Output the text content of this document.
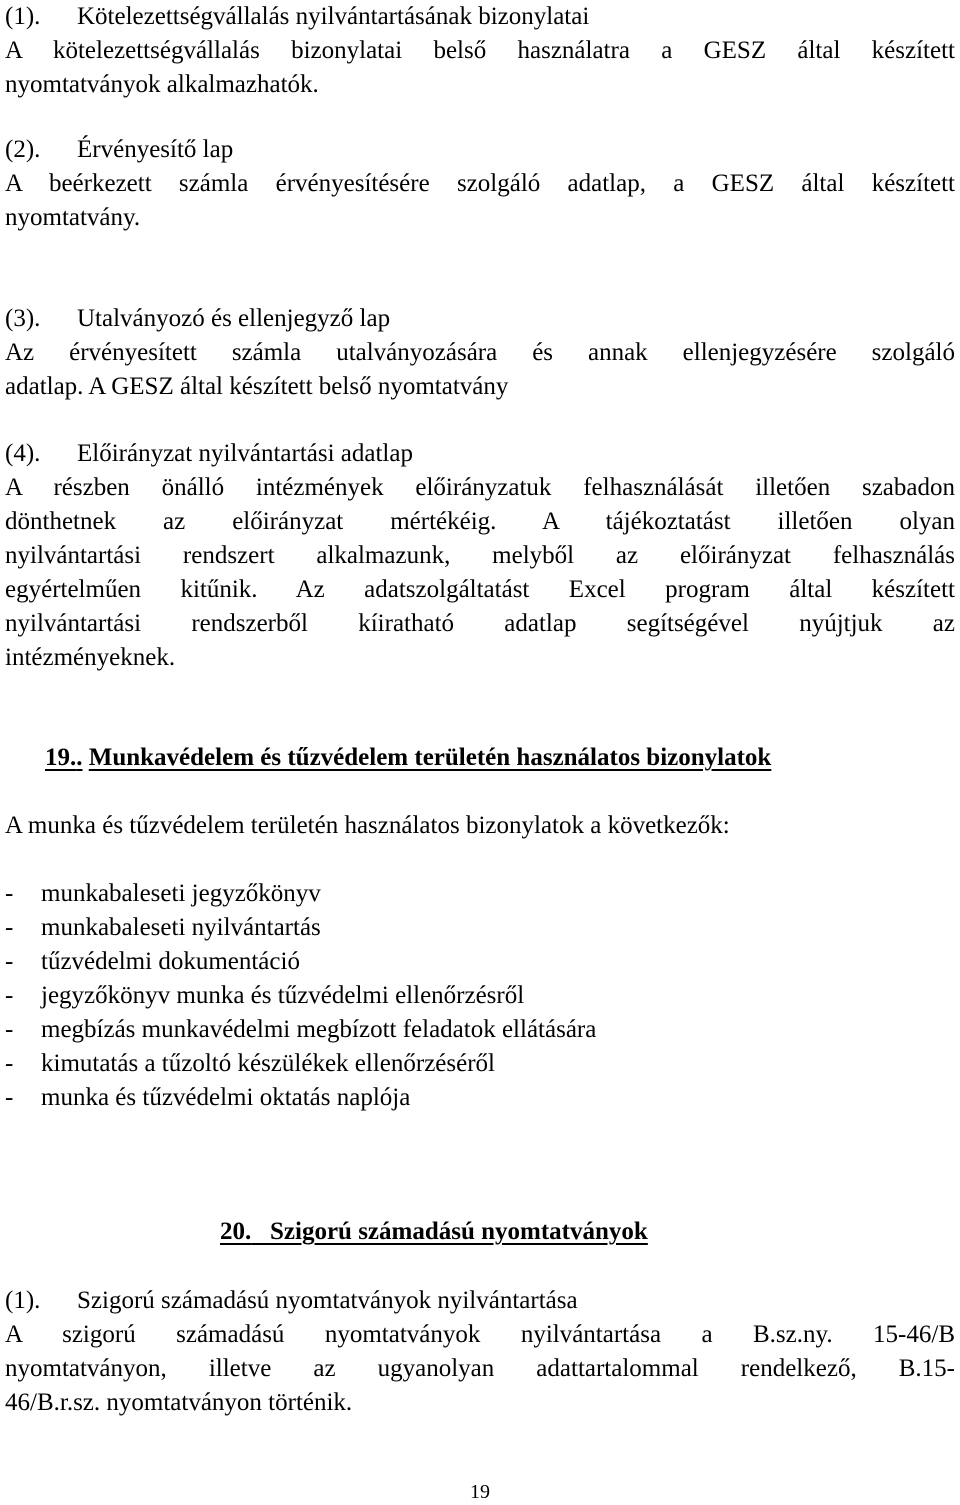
(1). Kötelezettségvállalás nyilvántartásának bizonylatai
A kötelezettségvállalás bizonylatai belső használatra a GESZ által készített
nyomtatványok alkalmazhatók.
(2). Érvényesítő lap
A beérkezett számla érvényesítésére szolgáló adatlap, a GESZ által készített
nyomtatvány.
(3). Utalványozó és ellenjegyző lap
Az érvényesített számla utalványozására és annak ellenjegyzésére szolgáló
adatlap. A GESZ által készített belső nyomtatvány
(4). Előirányzat nyilvántartási adatlap
A részben önálló intézmények előirányzatuk felhasználását illetően szabadon
dönthetnek az előirányzat mértékéig. A tájékoztatást illetően olyan
nyilvántartási rendszert alkalmazunk, melyből az előirányzat felhasználás
egyértelműen kitűnik. Az adatszolgáltatást Excel program által készített
nyilvántartási rendszerből kíiratható adatlap segítségével nyújtjuk az
intézményeknek.
19.. Munkavédelem és tűzvédelem területén használatos bizonylatok
A munka és tűzvédelem területén használatos bizonylatok a következők:
- munkabaleseti jegyzőkönyv
- munkabaleseti nyilvántartás
- tűzvédelmi dokumentáció
- jegyzőkönyv munka és tűzvédelmi ellenőrzésről
- megbízás munkavédelmi megbízott feladatok ellátására
- kimutatás a tűzoltó készülékek ellenőrzéséről
- munka és tűzvédelmi oktatás naplója
20. Szigorú számadású nyomtatványok
(1). Szigorú számadású nyomtatványok nyilvántartása
A szigorú számadású nyomtatványok nyilvántartása a B.sz.ny. 15-46/B
nyomtatványon, illetve az ugyanolyan adattartalommal rendelkező, B.15-
46/B.r.sz. nyomtatványon történik.
19
